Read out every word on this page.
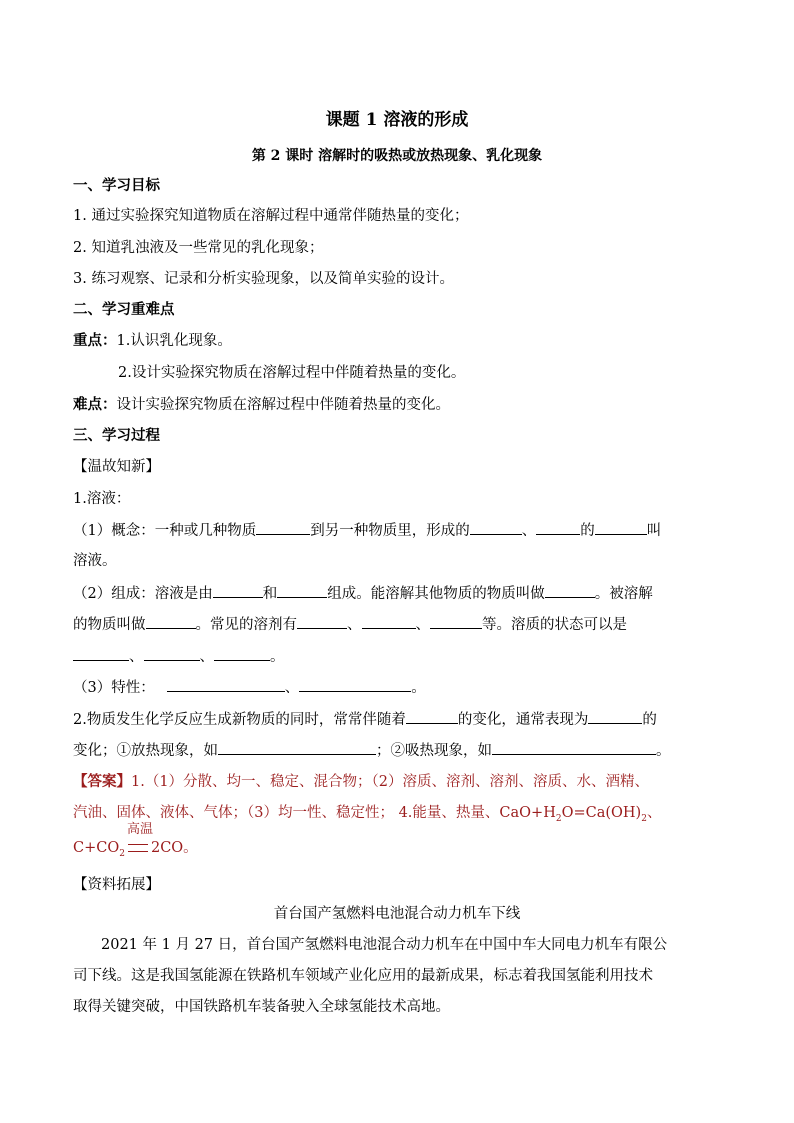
课题 1 溶液的形成
第 2 课时 溶解时的吸热或放热现象、乳化现象
一、学习目标
1. 通过实验探究知道物质在溶解过程中通常伴随热量的变化；
2. 知道乳浊液及一些常见的乳化现象；
3. 练习观察、记录和分析实验现象，以及简单实验的设计。
二、学习重难点
重点：1.认识乳化现象。
2.设计实验探究物质在溶解过程中伴随着热量的变化。
难点：设计实验探究物质在溶解过程中伴随着热量的变化。
三、学习过程
【温故知新】
1.溶液：
（1）概念：一种或几种物质	到另一种物质里，形成的	、	的	叫
溶液。
（2）组成：溶液是由	和	组成。能溶解其他物质的物质叫做	。被溶解
的物质叫做	。常见的溶剂有	、	、	等。溶质的状态可以是
、	、	。
（3）特性：	、	。
2.物质发生化学反应生成新物质的同时，常常伴随着	的变化，通常表现为	的
变化；①放热现象，如	；②吸热现象，如	。
【答案】1.（1）分散、均一、稳定、混合物；（2）溶质、溶剂、溶剂、溶质、水、酒精、
汽油、固体、液体、气体；（3）均一性、稳定性； 4.能量、热量、$CaO+H_2O=Ca(OH)_2$、
$C+CO_2$
高温
2CO。
【资料拓展】
首台国产氢燃料电池混合动力机车下线
2021 年 1 月 27 日，首台国产氢燃料电池混合动力机车在中国中车大同电力机车有限公
司下线。这是我国氢能源在铁路机车领域产业化应用的最新成果，标志着我国氢能利用技术
取得关键突破，中国铁路机车装备驶入全球氢能技术高地。
